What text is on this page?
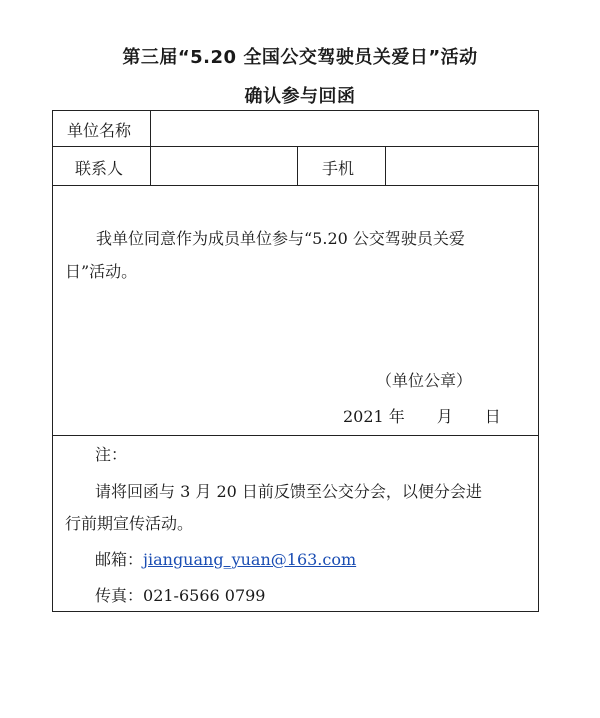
第三届“5.20 全国公交驾驶员关爱日”活动
确认参与回函
单位名称
联系人	手机
我单位同意作为成员单位参与“5.20 公交驾驶员关爱
日”活动。
（单位公章）
2021 年　　月　　日
注：
请将回函与 3 月 20 日前反馈至公交分会，以便分会进
行前期宣传活动。
邮箱：jianguang_yuan@163.com
传真：021-6566 0799
